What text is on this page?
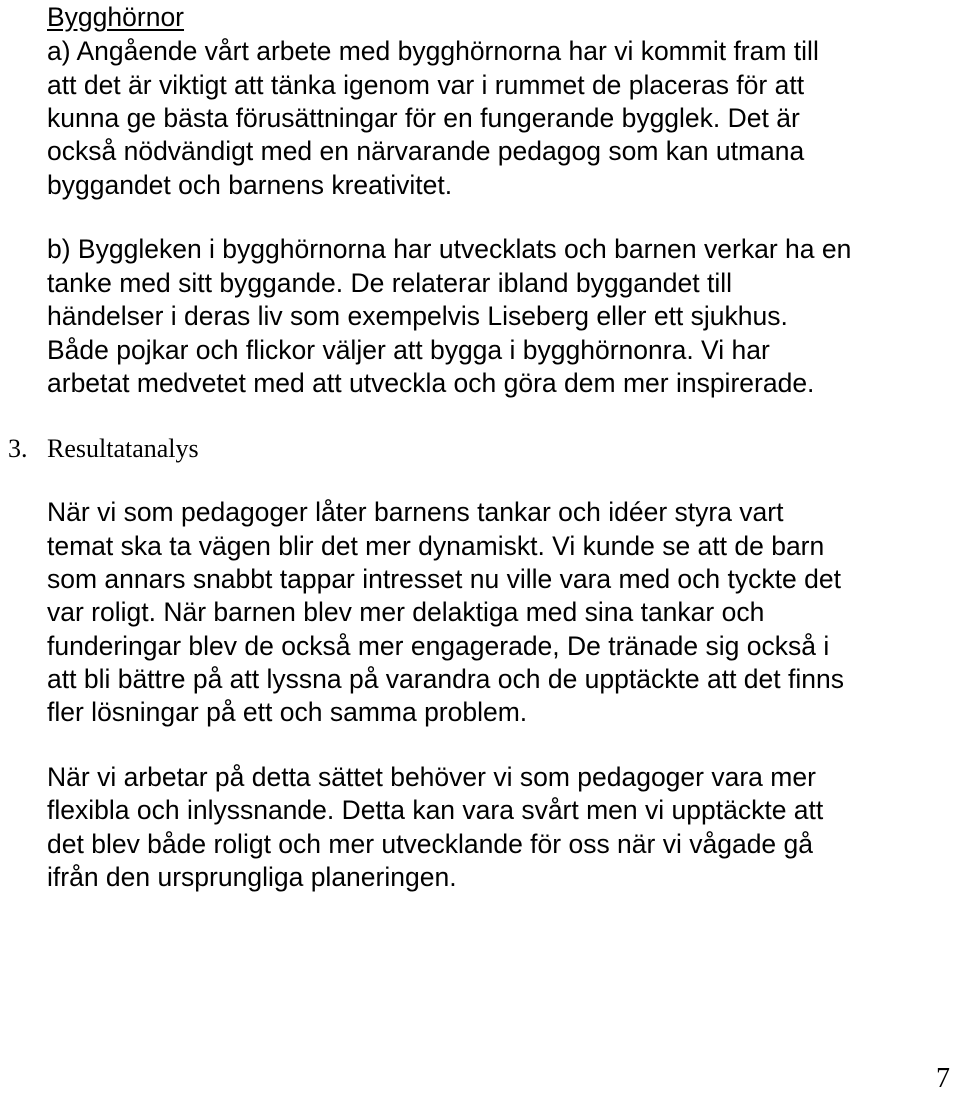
Bygghörnor
a) Angående vårt arbete med bygghörnorna har vi kommit fram till
att det är viktigt att tänka igenom var i rummet de placeras för att
kunna ge bästa förusättningar för en fungerande bygglek. Det är
också nödvändigt med en närvarande pedagog som kan utmana
byggandet och barnens kreativitet.
b) Byggleken i bygghörnorna har utvecklats och barnen verkar ha en
tanke med sitt byggande. De relaterar ibland byggandet till
händelser i deras liv som exempelvis Liseberg eller ett sjukhus.
Både pojkar och flickor väljer att bygga i bygghörnonra. Vi har
arbetat medvetet med att utveckla och göra dem mer inspirerade.
3. Resultatanalys
När vi som pedagoger låter barnens tankar och idéer styra vart
temat ska ta vägen blir det mer dynamiskt. Vi kunde se att de barn
som annars snabbt tappar intresset nu ville vara med och tyckte det
var roligt. När barnen blev mer delaktiga med sina tankar och
funderingar blev de också mer engagerade, De tränade sig också i
att bli bättre på att lyssna på varandra och de upptäckte att det finns
fler lösningar på ett och samma problem.
När vi arbetar på detta sättet behöver vi som pedagoger vara mer
flexibla och inlyssnande. Detta kan vara svårt men vi upptäckte att
det blev både roligt och mer utvecklande för oss när vi vågade gå
ifrån den ursprungliga planeringen.
7
